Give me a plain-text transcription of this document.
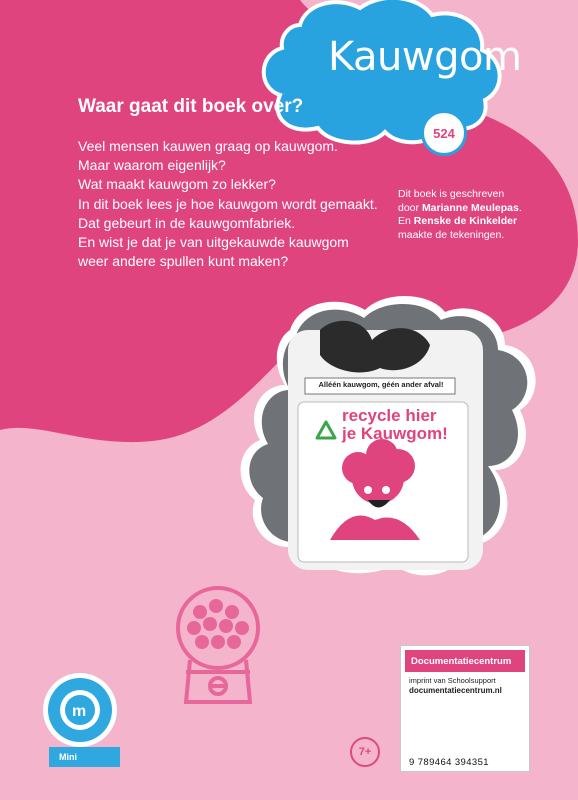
m
Kauwgom
524
Waar gaat dit boek over?
Veel mensen kauwen graag op kauwgom.
Maar waarom eigenlijk?
Wat maakt kauwgom zo lekker?
In dit boek lees je hoe kauwgom wordt gemaakt.
Dat gebeurt in de kauwgomfabriek.
En wist je dat je van uitgekauwde kauwgom
weer andere spullen kunt maken?
Dit boek is geschreven
door Marianne Meulepas.
En Renske de Kinkelder
maakte de tekeningen.
Alléén kauwgom, géén ander afval!
recycle hier
je Kauwgom!
Mini	7+
Documentatiecentrum
imprint van Schoolsupport
documentatiecentrum.nl
9 789464 394351
